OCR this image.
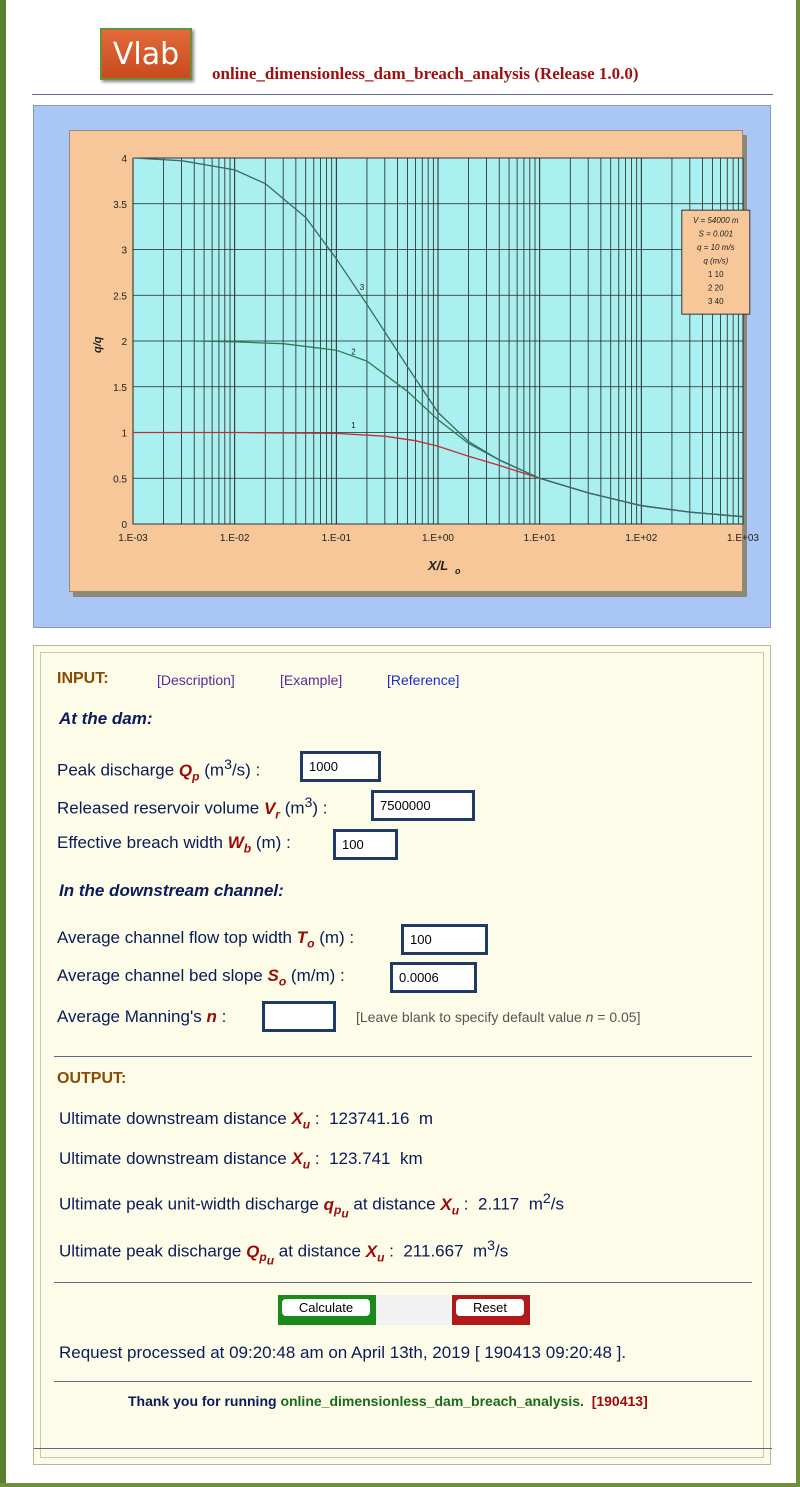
Vlab
online_dimensionless_dam_breach_analysis (Release 1.0.0)
0
0.5
1
1.5
2
2.5
3
3.5
4
1.E-03	1.E-02	1.E-01	1.E+00	1.E+01	1.E+02	1.E+03
X/L o
q/q
1
2
3
V = 54000 m
S = 0.001
q = 10 m/s
q (m/s)
1 10
2 20
3 40
INPUT:	[Description]	[Example]	[Reference]
At the dam:
Peak discharge $Q_p$ $(m^3/s)$ :
1000
Released reservoir volume $V_r$ $(m^3)$ :
7500000
Effective breach width $W_b$ (m) :
100
In the downstream channel:
Average channel flow top width $T_o$ (m) :
100
Average channel bed slope $S_o$ (m/m) :
0.0006
Average Manning's n :	[Leave blank to specify default value n = 0.05]
OUTPUT:
Ultimate downstream distance $X_u$ : 123741.16 m
Ultimate downstream distance $X_u$ : 123.741 km
Ultimate peak unit-width discharge $q_{p_u}$ at distance $X_u$ : 2.117 $m^2/s$
Ultimate peak discharge $Q_{p_u}$ at distance $X_u$ : 211.667 $m^3/s$
Calculate	Reset
Request processed at 09:20:48 am on April 13th, 2019 [ 190413 09:20:48 ].
Thank you for running online_dimensionless_dam_breach_analysis. [190413]
